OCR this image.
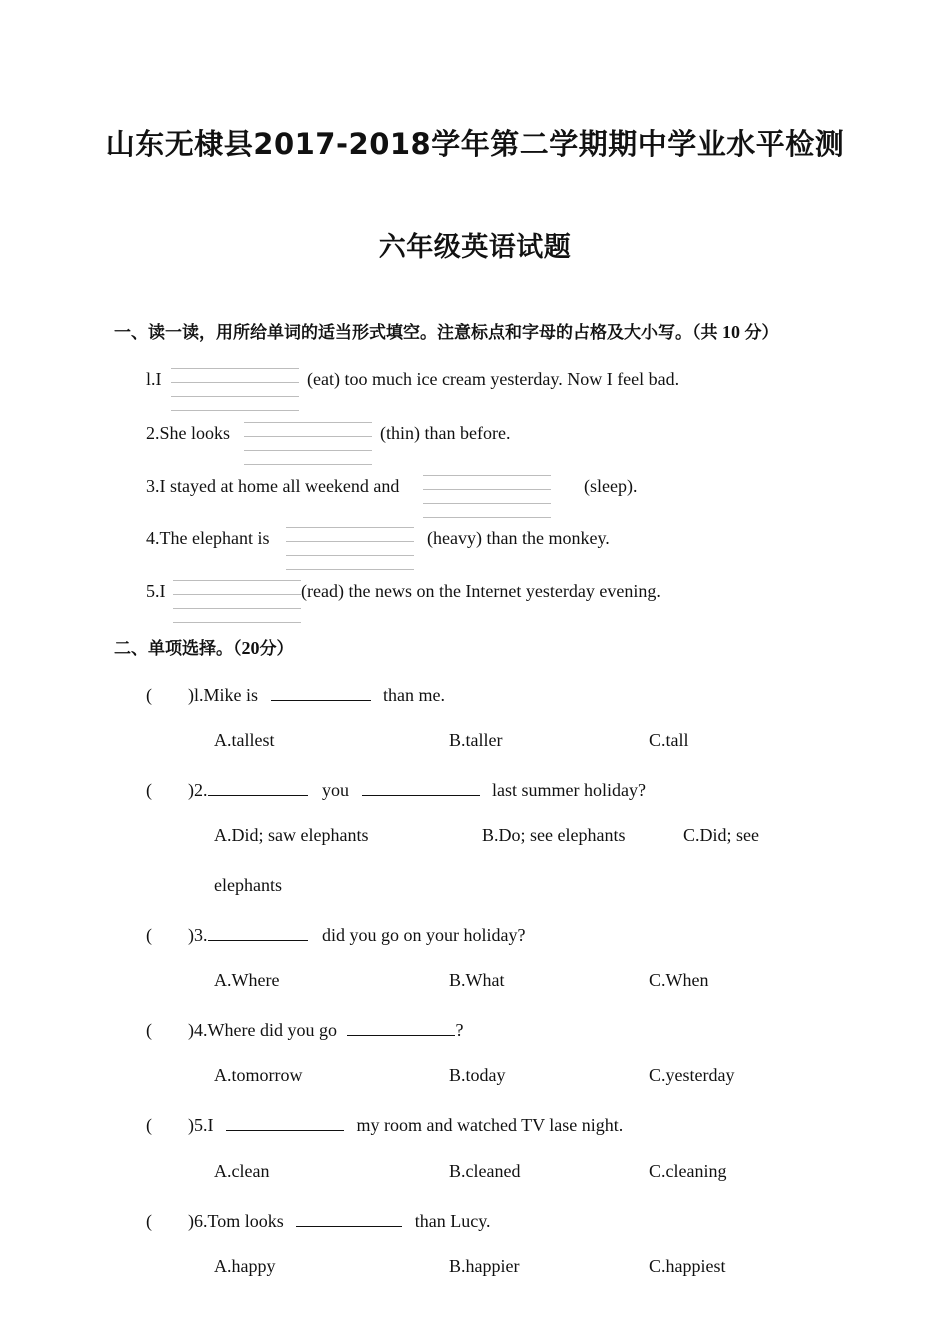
山东无棣县2017-2018学年第二学期期中学业水平检测
六年级英语试题
一、读一读，用所给单词的适当形式填空。注意标点和字母的占格及大小写。（共 10 分）
l.I	(eat) too much ice cream yesterday. Now I feel bad.
2.She looks	(thin) than before.
3.I stayed at home all weekend and	(sleep).
4.The elephant is	(heavy) than the monkey.
5.I	(read) the news on the Internet yesterday evening.
二、单项选择。（20分）
( )l.Mike is	than me.
A.tallest	B.taller	C.tall
( )2.	you	last summer holiday?
A.Did; saw elephants	B.Do; see elephants	C.Did; see
elephants
( )3.	did you go on your holiday?
A.Where	B.What	C.When
( )4.Where did you go	?
A.tomorrow	B.today	C.yesterday
( )5.I	my room and watched TV lase night.
A.clean	B.cleaned	C.cleaning
( )6.Tom looks	than Lucy.
A.happy	B.happier	C.happiest
